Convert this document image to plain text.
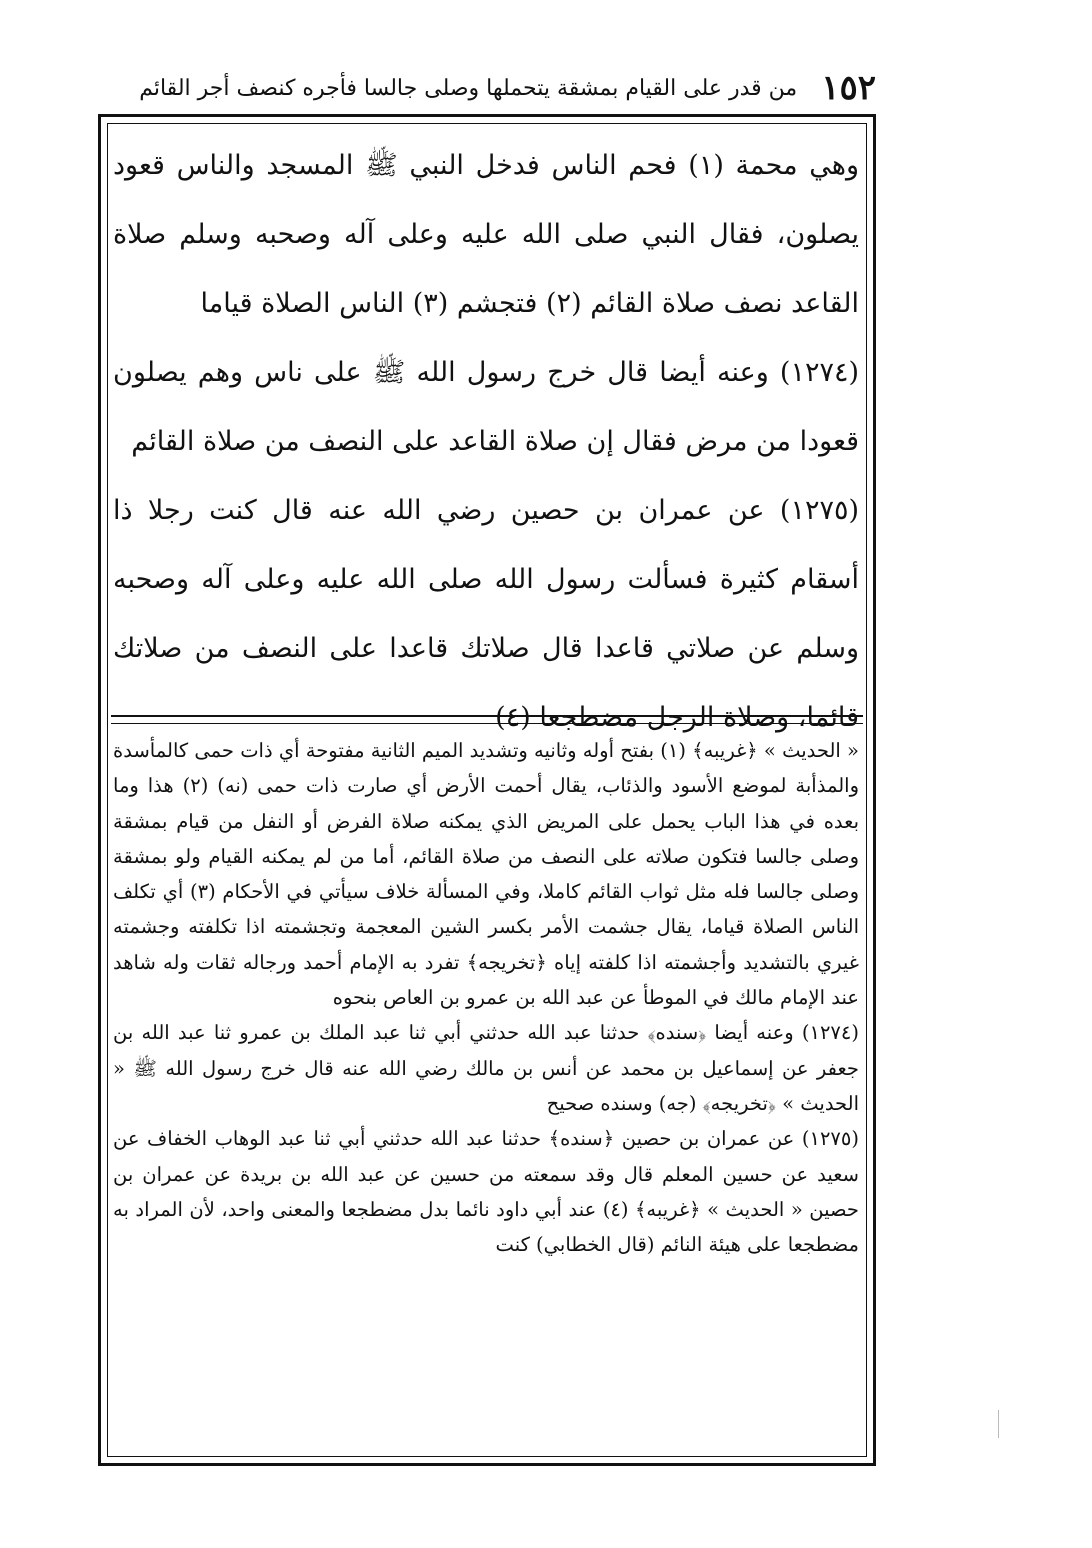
١٥٢
من قدر على القيام بمشقة يتحملها وصلى جالسا فأجره كنصف أجر القائم

وهي محمة (١) فحم الناس فدخل النبي ﷺ المسجد والناس قعود يصلون، فقال النبي صلى الله عليه وعلى آله وصحبه وسلم صلاة القاعد نصف صلاة القائم (٢) فتجشم (٣) الناس الصلاة قياما

(١٢٧٤) وعنه أيضا قال خرج رسول الله ﷺ على ناس وهم يصلون قعودا من مرض فقال إن صلاة القاعد على النصف من صلاة القائم

(١٢٧٥) عن عمران بن حصين رضي الله عنه قال كنت رجلا ذا أسقام كثيرة فسألت رسول الله صلى الله عليه وعلى آله وصحبه وسلم عن صلاتي قاعدا قال صلاتك قاعدا على النصف من صلاتك قائما، وصلاة الرجل مضطجعا (٤)

« الحديث » ﴿غريبه﴾ (١) بفتح أوله وثانيه وتشديد الميم الثانية مفتوحة أي ذات حمى كالمأسدة والمذأبة لموضع الأسود والذئاب، يقال أحمت الأرض أي صارت ذات حمى (نه) (٢) هذا وما بعده في هذا الباب يحمل على المريض الذي يمكنه صلاة الفرض أو النفل من قيام بمشقة وصلى جالسا فتكون صلاته على النصف من صلاة القائم، أما من لم يمكنه القيام ولو بمشقة وصلى جالسا فله مثل ثواب القائم كاملا، وفي المسألة خلاف سيأتي في الأحكام (٣) أي تكلف الناس الصلاة قياما، يقال جشمت الأمر بكسر الشين المعجمة وتجشمته اذا تكلفته وجشمته غيري بالتشديد وأجشمته اذا كلفته إياه ﴿تخريجه﴾ تفرد به الإمام أحمد ورجاله ثقات وله شاهد عند الإمام مالك في الموطأ عن عبد الله بن عمرو بن العاص بنحوه

(١٢٧٤) وعنه أيضا ﴿سنده﴾ حدثنا عبد الله حدثني أبي ثنا عبد الملك بن عمرو ثنا عبد الله بن جعفر عن إسماعيل بن محمد عن أنس بن مالك رضي الله عنه قال خرج رسول الله ﷺ « الحديث » ﴿تخريجه﴾ (جه) وسنده صحيح

(١٢٧٥) عن عمران بن حصين ﴿سنده﴾ حدثنا عبد الله حدثني أبي ثنا عبد الوهاب الخفاف عن سعيد عن حسين المعلم قال وقد سمعته من حسين عن عبد الله بن بريدة عن عمران بن حصين « الحديث » ﴿غريبه﴾ (٤) عند أبي داود نائما بدل مضطجعا والمعنى واحد، لأن المراد به مضطجعا على هيئة النائم (قال الخطابي) كنت
